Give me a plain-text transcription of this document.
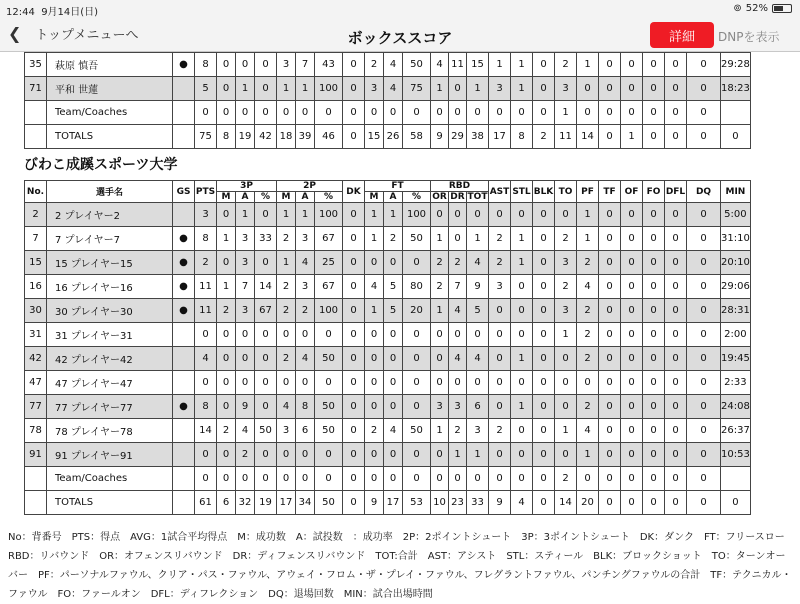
12:44 9月14日(日)	⊚ 52%
❮ トップメニューへ	ボックススコア	詳細	DNPを表示
35	萩原 慎吾	●	8	0	0	0	3	7	43	0	2	4	50	4	11	15	1	1	0	2	1	0	0	0	0	0	29:28
71	平和 世蓮		5	0	1	0	1	1	100	0	3	4	75	1	0	1	3	1	0	3	0	0	0	0	0	0	18:23
	Team/Coaches		0	0	0	0	0	0	0	0	0	0	0	0	0	0	0	0	0	1	0	0	0	0	0	0	
	TOTALS		75	8	19	42	18	39	46	0	15	26	58	9	29	38	17	8	2	11	14	0	1	0	0	0	0
びわこ成蹊スポーツ大学
No.	選手名	GS	PTS	3P			2P			DK	FT			RBD			AST	STL	BLK	TO	PF	TF	OF	FO	DFL	DQ	MIN
				M	A	%	M	A	%		M	A	%	OR	DR	TOT											
2	2 プレイヤー2		3	0	1	0	1	1	100	0	1	1	100	0	0	0	0	0	0	0	1	0	0	0	0	0	5:00
7	7 プレイヤー7	●	8	1	3	33	2	3	67	0	1	2	50	1	0	1	2	1	0	2	1	0	0	0	0	0	31:10
15	15 プレイヤー15	●	2	0	3	0	1	4	25	0	0	0	0	2	2	4	2	1	0	3	2	0	0	0	0	0	20:10
16	16 プレイヤー16	●	11	1	7	14	2	3	67	0	4	5	80	2	7	9	3	0	0	2	4	0	0	0	0	0	29:06
30	30 プレイヤー30	●	11	2	3	67	2	2	100	0	1	5	20	1	4	5	0	0	0	3	2	0	0	0	0	0	28:31
31	31 プレイヤー31		0	0	0	0	0	0	0	0	0	0	0	0	0	0	0	0	0	1	2	0	0	0	0	0	2:00
42	42 プレイヤー42		4	0	0	0	2	4	50	0	0	0	0	0	4	4	0	1	0	0	2	0	0	0	0	0	19:45
47	47 プレイヤー47		0	0	0	0	0	0	0	0	0	0	0	0	0	0	0	0	0	0	0	0	0	0	0	0	2:33
77	77 プレイヤー77	●	8	0	9	0	4	8	50	0	0	0	0	3	3	6	0	1	0	0	2	0	0	0	0	0	24:08
78	78 プレイヤー78		14	2	4	50	3	6	50	0	2	4	50	1	2	3	2	0	0	1	4	0	0	0	0	0	26:37
91	91 プレイヤー91		0	0	2	0	0	0	0	0	0	0	0	0	1	1	0	0	0	0	1	0	0	0	0	0	10:53
	Team/Coaches		0	0	0	0	0	0	0	0	0	0	0	0	0	0	0	0	0	2	0	0	0	0	0	0	
	TOTALS		61	6	32	19	17	34	50	0	9	17	53	10	23	33	9	4	0	14	20	0	0	0	0	0	0
No：背番号　PTS：得点　AVG：1試合平均得点　M：成功数　A：試投数　：成功率　2P：2ポイントシュート　3P：3ポイントシュート　DK：ダンク　FT：フリースロー　RBD：リバウンド　OR：オフェンスリバウンド　DR：ディフェンスリバウンド　TOT:合計　AST：アシスト　STL：スティール　BLK：ブロックショット　TO：ターンオーバー　PF：パーソナルファウル、クリア・パス・ファウル、アウェイ・フロム・ザ・プレイ・ファウル、フレグラントファウル、パンチングファウルの合計　TF：テクニカル・ファウル　FO：ファールオン　DFL：ディフレクション　DQ：退場回数　MIN：試合出場時間
